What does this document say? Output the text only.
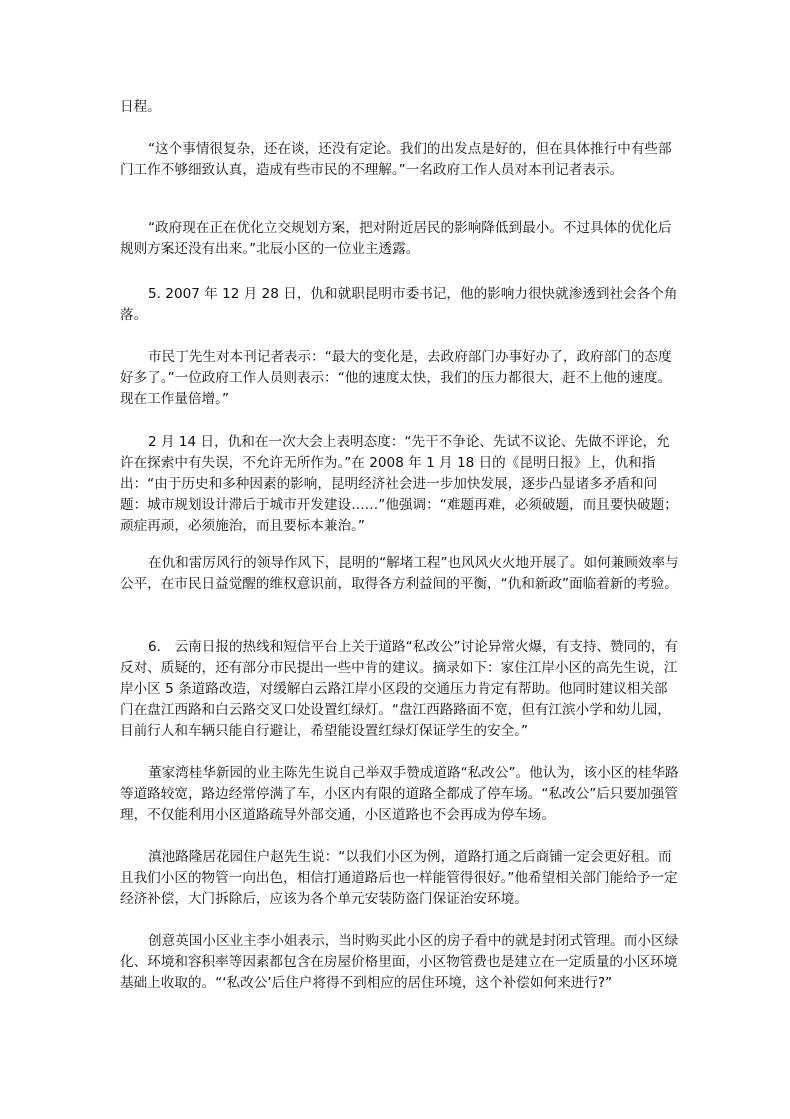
日程。

“这个事情很复杂，还在谈，还没有定论。我们的出发点是好的，但在具体推行中有些部门工作不够细致认真，造成有些市民的不理解。”一名政府工作人员对本刊记者表示。

“政府现在正在优化立交规划方案，把对附近居民的影响降低到最小。不过具体的优化后规则方案还没有出来。”北辰小区的一位业主透露。

5. 2007 年 12 月 28 日，仇和就职昆明市委书记，他的影响力很快就渗透到社会各个角落。

市民丁先生对本刊记者表示：“最大的变化是，去政府部门办事好办了，政府部门的态度好多了。”一位政府工作人员则表示：“他的速度太快，我们的压力都很大，赶不上他的速度。现在工作量倍增。”

2 月 14 日，仇和在一次大会上表明态度：“先干不争论、先试不议论、先做不评论，允许在探索中有失误，不允许无所作为。”在 2008 年 1 月 18 日的《昆明日报》上，仇和指出：“由于历史和多种因素的影响，昆明经济社会进一步加快发展，逐步凸显诸多矛盾和问题：城市规划设计滞后于城市开发建设……”他强调：“难题再难，必须破题，而且要快破题；顽症再顽，必须施治，而且要标本兼治。”

在仇和雷厉风行的领导作风下，昆明的“解堵工程”也风风火火地开展了。如何兼顾效率与公平，在市民日益觉醒的维权意识前，取得各方利益间的平衡，“仇和新政”面临着新的考验。

6.　云南日报的热线和短信平台上关于道路“私改公”讨论异常火爆，有支持、赞同的，有反对、质疑的，还有部分市民提出一些中肯的建议。摘录如下：家住江岸小区的高先生说，江岸小区 5 条道路改造，对缓解白云路江岸小区段的交通压力肯定有帮助。他同时建议相关部门在盘江西路和白云路交叉口处设置红绿灯。“盘江西路路面不宽，但有江滨小学和幼儿园，目前行人和车辆只能自行避让，希望能设置红绿灯保证学生的安全。”

董家湾桂华新园的业主陈先生说自己举双手赞成道路“私改公”。他认为，该小区的桂华路等道路较宽，路边经常停满了车，小区内有限的道路全都成了停车场。“私改公”后只要加强管理，不仅能利用小区道路疏导外部交通，小区道路也不会再成为停车场。

滇池路隆居花园住户赵先生说：“以我们小区为例，道路打通之后商铺一定会更好租。而且我们小区的物管一向出色，相信打通道路后也一样能管得很好。”他希望相关部门能给予一定经济补偿，大门拆除后，应该为各个单元安装防盗门保证治安环境。

创意英国小区业主李小姐表示，当时购买此小区的房子看中的就是封闭式管理。而小区绿化、环境和容积率等因素都包含在房屋价格里面，小区物管费也是建立在一定质量的小区环境基础上收取的。“‘私改公’后住户将得不到相应的居住环境，这个补偿如何来进行?”
